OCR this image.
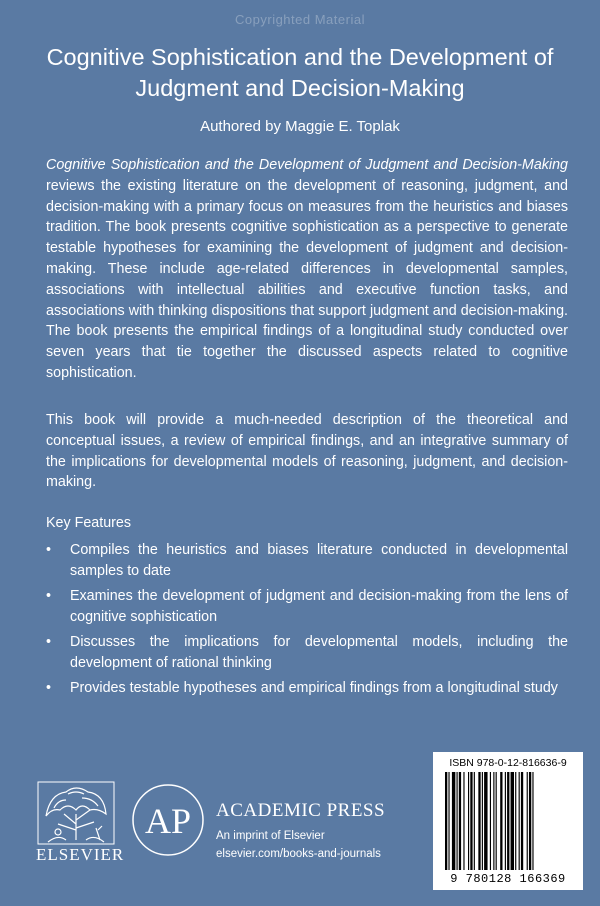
Copyrighted Material
Cognitive Sophistication and the Development of Judgment and Decision-Making
Authored by Maggie E. Toplak

Cognitive Sophistication and the Development of Judgment and Decision-Making reviews the existing literature on the development of reasoning, judgment, and decision-making with a primary focus on measures from the heuristics and biases tradition. The book presents cognitive sophistication as a perspective to generate testable hypotheses for examining the development of judgment and decision-making. These include age-related differences in developmental samples, associations with intellectual abilities and executive function tasks, and associations with thinking dispositions that support judgment and decision-making. The book presents the empirical findings of a longitudinal study conducted over seven years that tie together the discussed aspects related to cognitive sophistication.

This book will provide a much-needed description of the theoretical and conceptual issues, a review of empirical findings, and an integrative summary of the implications for developmental models of reasoning, judgment, and decision-making.

Key Features
• Compiles the heuristics and biases literature conducted in developmental samples to date
• Examines the development of judgment and decision-making from the lens of cognitive sophistication
• Discusses the implications for developmental models, including the development of rational thinking
• Provides testable hypotheses and empirical findings from a longitudinal study
ELSEVIER
AP ACADEMIC PRESS
An imprint of Elsevier
elsevier.com/books-and-journals
ISBN 978-0-12-816636-9
9 780128 166369
